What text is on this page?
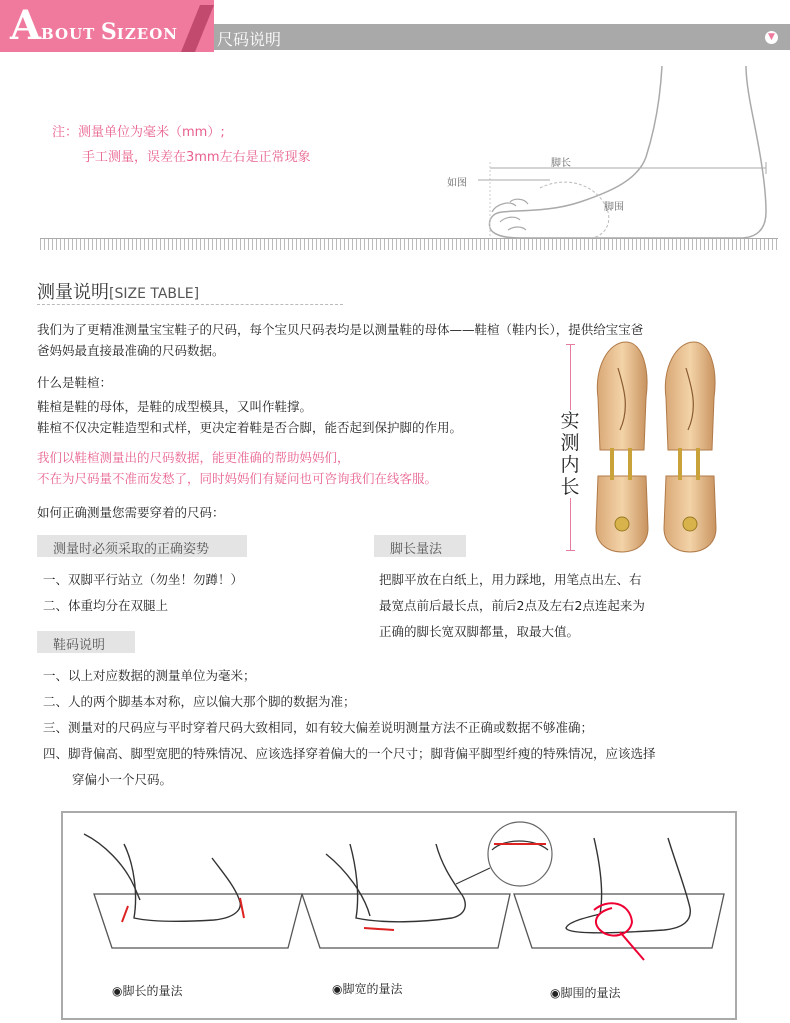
ABOUT SIZEON 尺码说明	▼
注：测量单位为毫米（mm）;
手工测量，误差在3mm左右是正常现象	脚长
如图
脚围
测量说明[SIZE TABLE]
我们为了更精准测量宝宝鞋子的尺码，每个宝贝尺码表均是以测量鞋的母体——鞋楦（鞋内长），提供给宝宝爸
爸妈妈最直接最准确的尺码数据。
什么是鞋楦：
鞋楦是鞋的母体，是鞋的成型模具，又叫作鞋撑。
鞋楦不仅决定鞋造型和式样，更决定着鞋是否合脚，能否起到保护脚的作用。
我们以鞋楦测量出的尺码数据，能更准确的帮助妈妈们，
不在为尺码量不准而发愁了，同时妈妈们有疑问也可咨询我们在线客服。
如何正确测量您需要穿着的尺码：
测量时必须采取的正确姿势
一、双脚平行站立（勿坐！勿蹲！）
二、体重均分在双腿上
脚长量法
把脚平放在白纸上，用力踩地，用笔点出左、右
最宽点前后最长点，前后2点及左右2点连起来为
正确的脚长宽双脚都量，取最大值。
鞋码说明
一、以上对应数据的测量单位为毫米；
二、人的两个脚基本对称，应以偏大那个脚的数据为准；
三、测量对的尺码应与平时穿着尺码大致相同，如有较大偏差说明测量方法不正确或数据不够准确；
四、脚背偏高、脚型宽肥的特殊情况、应该选择穿着偏大的一个尺寸；脚背偏平脚型纤瘦的特殊情况，应该选择
穿偏小一个尺码。
实测内长
◉脚长的量法	◉脚宽的量法	◉脚围的量法
